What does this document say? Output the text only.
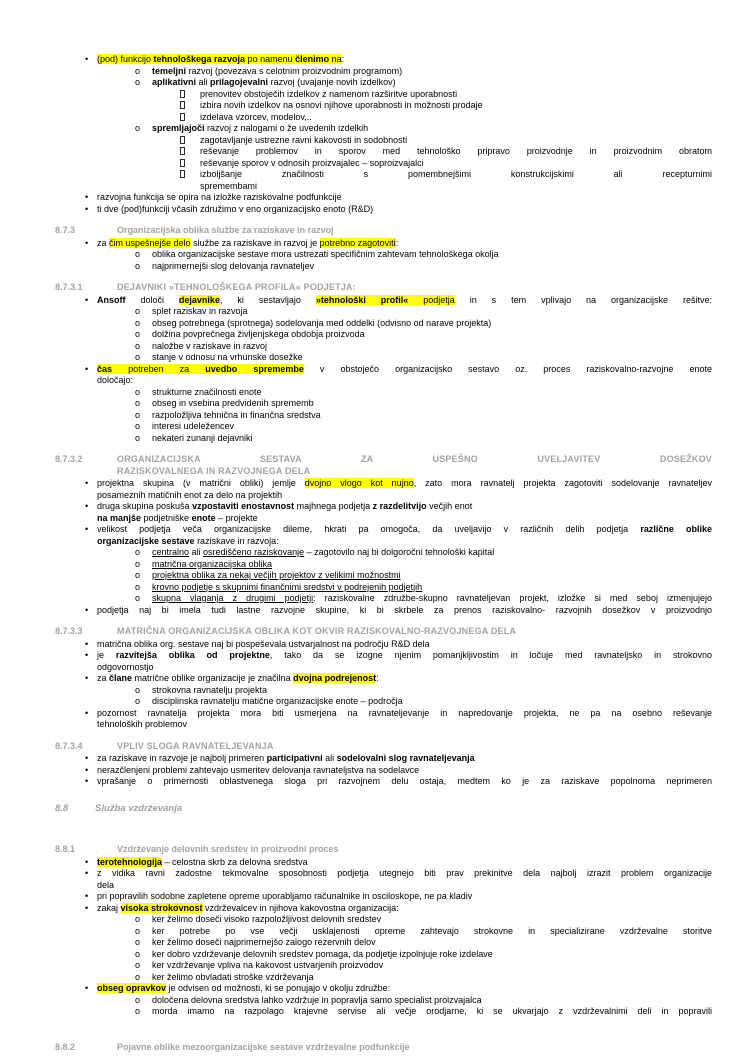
• (pod) funkcijo tehnološkega razvoja po namenu členimo na:
o temeljni razvoj (povezava s celotnim proizvodnim programom)
o aplikativni ali prilagojevalni razvoj (uvajanje novih izdelkov)
prenovitev obstoječih izdelkov z namenom razširitve uporabnosti
izbira novih izdelkov na osnovi njihove uporabnosti in možnosti prodaje
izdelava vzorcev, modelov,..
o spremljajoči razvoj z nalogami o že uvedenih izdelkih
zagotavljanje ustrezne ravni kakovosti in sodobnosti
reševanje problemov in sporov med tehnološko pripravo proizvodnje in proizvodnim obratom
reševanje sporov v odnosih proizvajalec – soproizvajalci
izboljšanje značilnosti s pomembnejšimi konstrukcijskimi ali recepturnimi
spremembami
• razvojna funkcija se opira na izložke raziskovalne podfunkcije
• ti dve (pod)funkciji včasih združimo v eno organizacijsko enoto (R&D)
8.7.3	Organizacijska oblika službe za raziskave in razvoj
• za čim uspešnejše delo službe za raziskave in razvoj je potrebno zagotoviti:
o oblika organizacijske sestave mora ustrezati specifičnim zahtevam tehnološkega okolja
o najprimernejši slog delovanja ravnateljev
8.7.3.1	DEJAVNIKI »TEHNOLOŠKEGA PROFILA« PODJETJA:
• Ansoff določi dejavnike, ki sestavljajo »tehnološki profil« podjetja in s tem vplivajo na organizacijske rešitve:
o splet raziskav in razvoja
o obseg potrebnega (sprotnega) sodelovanja med oddelki (odvisno od narave projekta)
o dolžina povprečnega življenjskega obdobja proizvoda
o naložbe v raziskave in razvoj
o stanje v odnosu na vrhunske dosežke
• čas potreben za uvedbo spremembe v obstoječo organizacijsko sestavo oz. proces raziskovalno-razvojne enote
določajo:
o strukturne značilnosti enote
o obseg in vsebina predvidenih sprememb
o razpoložljiva tehnična in finančna sredstva
o interesi udeležencev
o nekateri zunanji dejavniki
8.7.3.2	ORGANIZACIJSKA SESTAVA ZA USPEŠNO UVELJAVITEV DOSEŽKOV
RAZISKOVALNEGA IN RAZVOJNEGA DELA
• projektna skupina (v matrični obliki) jemlje dvojno vlogo kot nujno, zato mora ravnatelj projekta zagotoviti sodelovanje ravnateljev
posameznih matičnih enot za delo na projektih
• druga skupina poskuša vzpostaviti enostavnost majhnega podjetja z razdelitvijo večjih enot
na manjše podjetniške enote – projekte
• velikost podjetja veča organizacijske dileme, hkrati pa omogoča, da uveljavijo v različnih delih podjetja različne oblike
organizacijske sestave raziskave in razvoja:
o centralno ali osrediščeno raziskovanje – zagotovilo naj bi dolgoročni tehnološki kapital
o matrična organizacijska oblika
o projektna oblika za nekaj večjih projektov z velikimi možnostmi
o krovno podjetje s skupnimi finančnimi sredstvi v podrejenih podjetjih
o skupna vlaganja z drugimi podjetji: raziskovalne združbe-skupno ravnateljevan projekt, izložke si med seboj izmenjujejo
• podjetja naj bi imela tudi lastne razvojne skupine, ki bi skrbele za prenos raziskovalno- razvojnih dosežkov v proizvodnjo
8.7.3.3	MATRIČNA ORGANIZACIJSKA OBLIKA KOT OKVIR RAZISKOVALNO-RAZVOJNEGA DELA
• matrična oblika org. sestave naj bi pospeševala ustvarjalnost na področju R&D dela
• je razvitejša oblika od projektne, tako da se izogne njenim pomanjkljivostim in ločuje med ravnateljsko in strokovno
odgovornostjo
• za člane matrične oblike organizacije je značilna dvojna podrejenost:
o strokovna ravnatelju projekta
o disciplinska ravnatelju matične organizacijske enote – področja
• pozornost ravnatelja projekta mora biti usmerjena na ravnateljevanje in napredovanje projekta, ne pa na osebno reševanje
tehnoloških problemov
8.7.3.4	VPLIV SLOGA RAVNATELJEVANJA
• za raziskave in razvoje je najbolj primeren participativni ali sodelovalni slog ravnateljevanja
• nerazčlenjeni problemi zahtevajo usmeritev delovanja ravnateljstva na sodelavce
• vprašanje o primernosti oblastvenega sloga pri razvojnem delu ostaja, medtem ko je za raziskave popolnoma neprimeren
8.8	Služba vzdrževanja
8.8.1	Vzdrževanje delovnih sredstev in proizvodni proces
• terotehnologija – celostna skrb za delovna sredstva
• z vidika ravni zadostne tekmovalne sposobnosti podjetja utegnejo biti prav prekinitve dela najbolj izrazit problem organizacije
dela
• pri popravilih sodobne zapletene opreme uporabljamo računalnike in osciloskope, ne pa kladiv
• zakaj visoka strokovnost vzdrževalcev in njihova kakovostna organizacija:
o ker želimo doseči visoko razpoložljivost delovnih sredstev
o ker potrebe po vse večji usklajenosti opreme zahtevajo strokovne in specializirane vzdrževalne storitve
o ker želimo doseči najprimernejšo zalogo rezervnih delov
o ker dobro vzdrževanje delovnih sredstev pomaga, da podjetje izpolnjuje roke izdelave
o ker vzdrževanje vpliva na kakovost ustvarjenih proizvodov
o ker želimo obvladati stroške vzdrževanja
• obseg opravkov je odvisen od možnosti, ki se ponujajo v okolju združbe:
o določena delovna sredstva lahko vzdržuje in popravlja samo specialist proizvajalca
o morda imamo na razpolago krajevne servise ali večje orodjarne, ki se ukvarjajo z vzdrževalnimi deli in popravili
8.8.2	Pojavne oblike mezoorganizacijske sestave vzdrževalne podfunkcije
